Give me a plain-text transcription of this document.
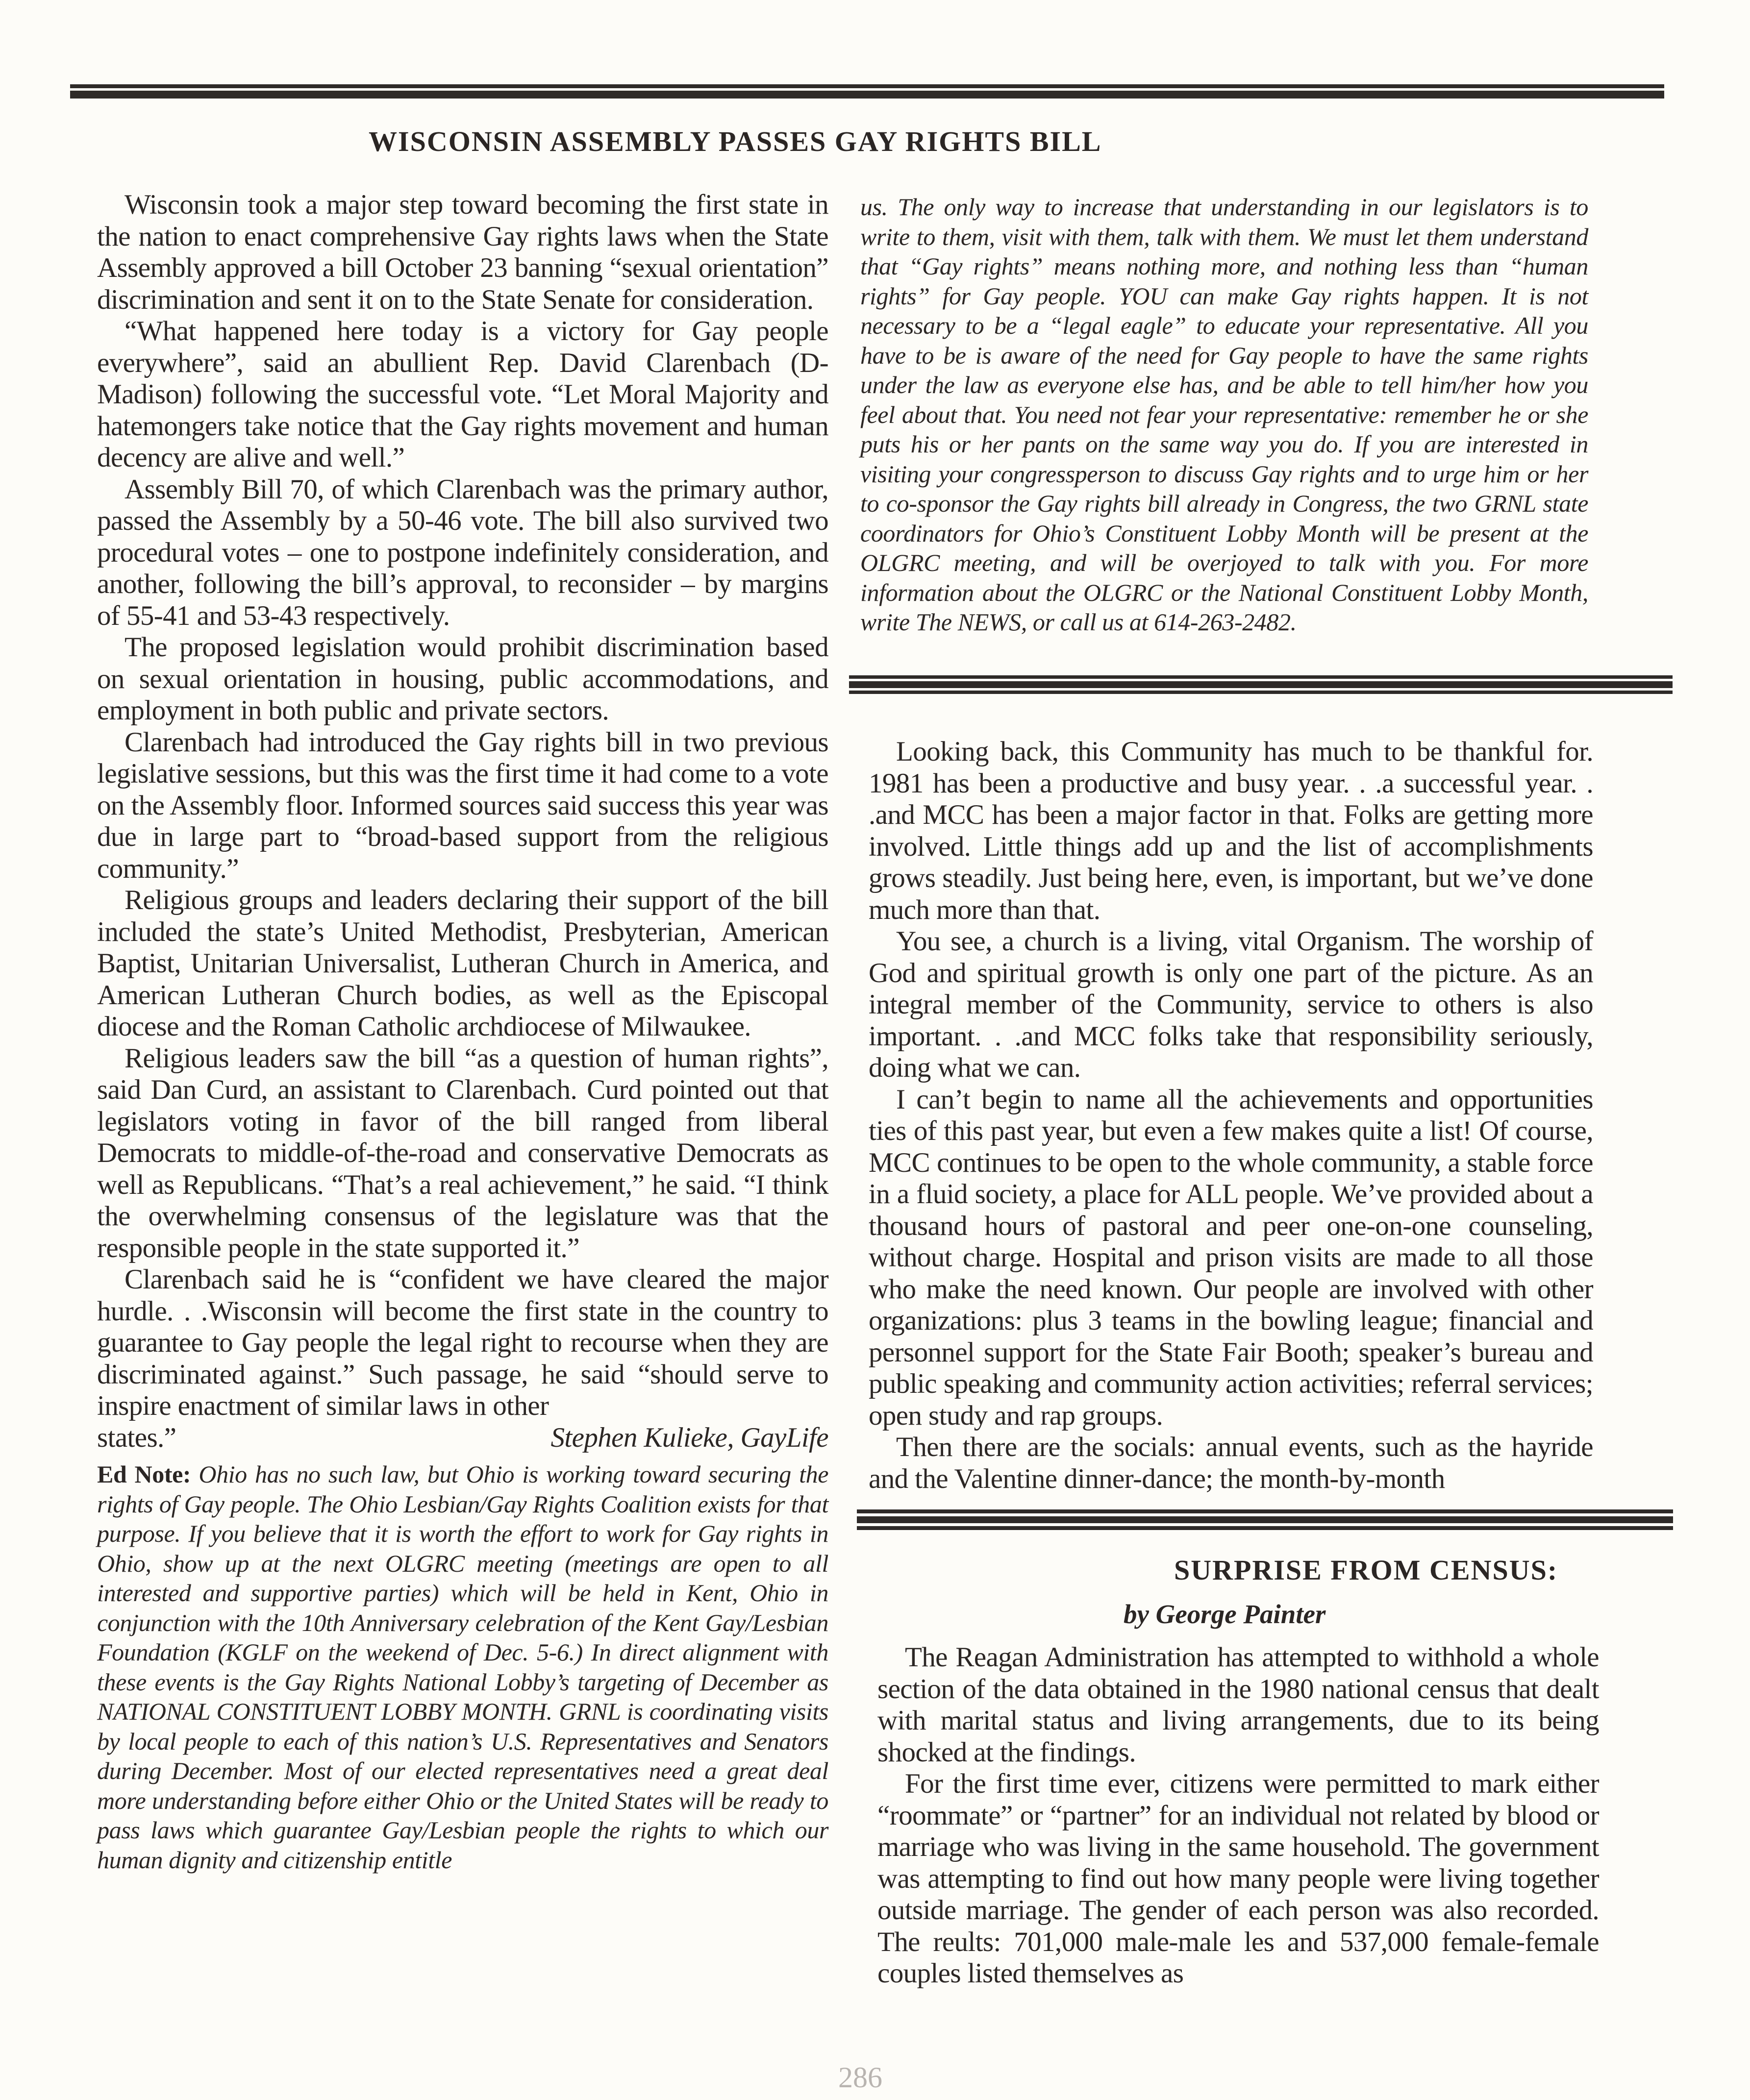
WISCONSIN ASSEMBLY PASSES GAY RIGHTS BILL

Wisconsin took a major step toward becoming the first state in the nation to enact comprehensive Gay rights laws when the State Assembly approved a bill October 23 banning “sexual orientation” discrimination and sent it on to the State Senate for consideration.

“What happened here today is a victory for Gay people everywhere”, said an abullient Rep. David Clarenbach (D-Madison) following the successful vote. “Let Moral Majority and hatemongers take notice that the Gay rights movement and human decency are alive and well.”

Assembly Bill 70, of which Clarenbach was the primary author, passed the Assembly by a 50-46 vote. The bill also survived two procedural votes – one to postpone indefinitely consideration, and another, following the bill’s approval, to reconsider – by margins of 55-41 and 53-43 respectively.

The proposed legislation would prohibit discrimination based on sexual orientation in housing, public accommodations, and employment in both public and private sectors.

Clarenbach had introduced the Gay rights bill in two previous legislative sessions, but this was the first time it had come to a vote on the Assembly floor. Informed sources said success this year was due in large part to “broad-based support from the religious community.”

Religious groups and leaders declaring their support of the bill included the state’s United Methodist, Presbyterian, American Baptist, Unitarian Universalist, Lutheran Church in America, and American Lutheran Church bodies, as well as the Episcopal diocese and the Roman Catholic archdiocese of Milwaukee.

Religious leaders saw the bill “as a question of human rights”, said Dan Curd, an assistant to Clarenbach. Curd pointed out that legislators voting in favor of the bill ranged from liberal Democrats to middle-of-the-road and conservative Democrats as well as Republicans. “That’s a real achievement,” he said. “I think the overwhelming consensus of the legislature was that the responsible people in the state supported it.”

Clarenbach said he is “confident we have cleared the major hurdle. . .Wisconsin will become the first state in the country to guarantee to Gay people the legal right to recourse when they are discriminated against.” Such passage, he said “should serve to inspire enactment of similar laws in other

states.”	Stephen Kulieke, GayLife

Ed Note: Ohio has no such law, but Ohio is working toward securing the rights of Gay people. The Ohio Lesbian/Gay Rights Coalition exists for that purpose. If you believe that it is worth the effort to work for Gay rights in Ohio, show up at the next OLGRC meeting (meetings are open to all interested and supportive parties) which will be held in Kent, Ohio in conjunction with the 10th Anniversary celebration of the Kent Gay/Lesbian Foundation (KGLF on the weekend of Dec. 5-6.) In direct alignment with these events is the Gay Rights National Lobby’s targeting of December as NATIONAL CONSTITUENT LOBBY MONTH. GRNL is coordinating visits by local people to each of this nation’s U.S. Representatives and Senators during December. Most of our elected representatives need a great deal more understanding before either Ohio or the United States will be ready to pass laws which guarantee Gay/Lesbian people the rights to which our human dignity and citizenship entitle

us. The only way to increase that understanding in our legislators is to write to them, visit with them, talk with them. We must let them understand that “Gay rights” means nothing more, and nothing less than “human rights” for Gay people. YOU can make Gay rights happen. It is not necessary to be a “legal eagle” to educate your representative. All you have to be is aware of the need for Gay people to have the same rights under the law as everyone else has, and be able to tell him/her how you feel about that. You need not fear your representative: remember he or she puts his or her pants on the same way you do. If you are interested in visiting your congressperson to discuss Gay rights and to urge him or her to co-sponsor the Gay rights bill already in Congress, the two GRNL state coordinators for Ohio’s Constituent Lobby Month will be present at the OLGRC meeting, and will be overjoyed to talk with you. For more information about the OLGRC or the National Constituent Lobby Month, write The NEWS, or call us at 614-263-2482.

Looking back, this Community has much to be thankful for. 1981 has been a productive and busy year. . .a successful year. . .and MCC has been a major factor in that. Folks are getting more involved. Little things add up and the list of accomplishments grows steadily. Just being here, even, is important, but we’ve done much more than that.

You see, a church is a living, vital Organism. The worship of God and spiritual growth is only one part of the picture. As an integral member of the Community, service to others is also important. . .and MCC folks take that responsibility seriously, doing what we can.

I can’t begin to name all the achievements and opportunities ties of this past year, but even a few makes quite a list! Of course, MCC continues to be open to the whole community, a stable force in a fluid society, a place for ALL people. We’ve provided about a thousand hours of pastoral and peer one-on-one counseling, without charge. Hospital and prison visits are made to all those who make the need known. Our people are involved with other organizations: plus 3 teams in the bowling league; financial and personnel support for the State Fair Booth; speaker’s bureau and public speaking and community action activities; referral services; open study and rap groups.

Then there are the socials: annual events, such as the hayride and the Valentine dinner-dance; the month-by-month

SURPRISE FROM CENSUS:
by George Painter

The Reagan Administration has attempted to withhold a whole section of the data obtained in the 1980 national census that dealt with marital status and living arrangements, due to its being shocked at the findings.

For the first time ever, citizens were permitted to mark either “roommate” or “partner” for an individual not related by blood or marriage who was living in the same household. The government was attempting to find out how many people were living together outside marriage. The gender of each person was also recorded. The reults: 701,000 male-male les and 537,000 female-female couples listed themselves as

286
